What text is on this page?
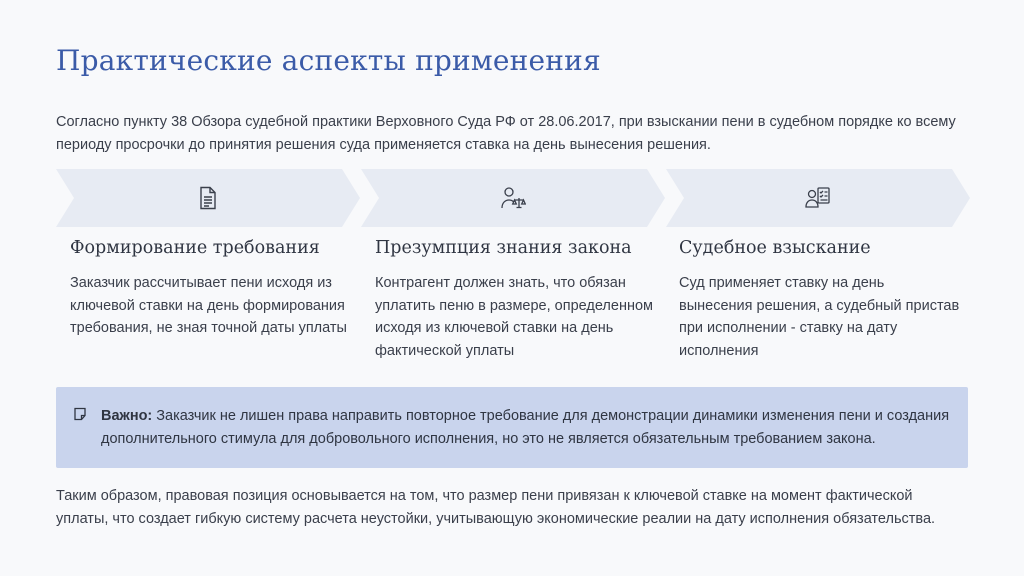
Практические аспекты применения
Согласно пункту 38 Обзора судебной практики Верховного Суда РФ от 28.06.2017, при взыскании пени в судебном порядке ко всему периоду просрочки до принятия решения суда применяется ставка на день вынесения решения.
Формирование требования
Заказчик рассчитывает пени исходя из ключевой ставки на день формирования требования, не зная точной даты уплаты
Презумпция знания закона
Контрагент должен знать, что обязан уплатить пеню в размере, определенном исходя из ключевой ставки на день фактической уплаты
Судебное взыскание
Суд применяет ставку на день вынесения решения, а судебный пристав при исполнении - ставку на дату исполнения
Важно: Заказчик не лишен права направить повторное требование для демонстрации динамики изменения пени и создания дополнительного стимула для добровольного исполнения, но это не является обязательным требованием закона.
Таким образом, правовая позиция основывается на том, что размер пени привязан к ключевой ставке на момент фактической уплаты, что создает гибкую систему расчета неустойки, учитывающую экономические реалии на дату исполнения обязательства.
